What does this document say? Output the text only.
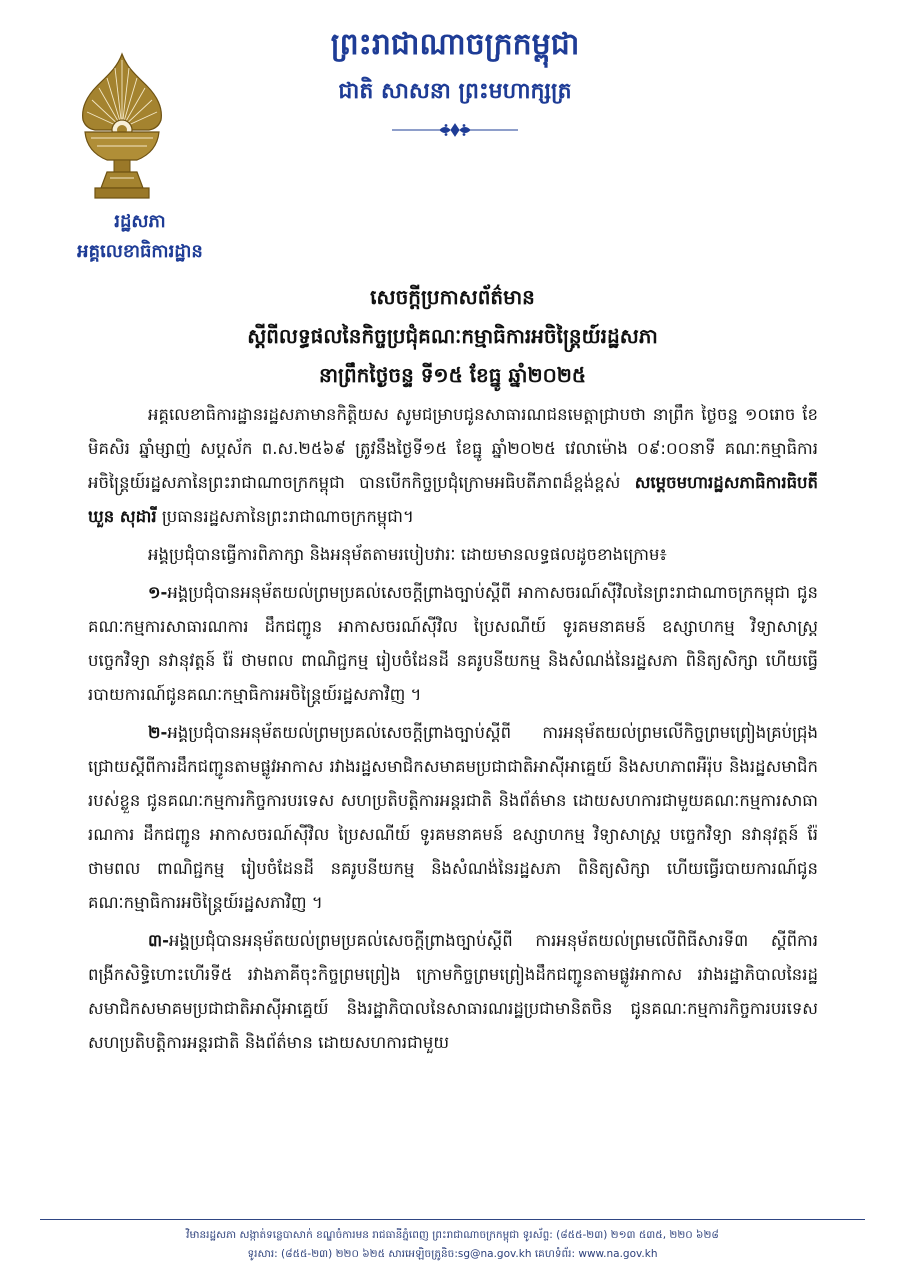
ព្រះរាជាណាចក្រកម្ពុជា
ជាតិ សាសនា ព្រះមហាក្សត្រ
រដ្ឋសភា
អគ្គលេខាធិការដ្ឋាន
សេចក្តីប្រកាសព័ត៌មាន
ស្តីពីលទ្ធផលនៃកិច្ចប្រជុំគណៈកម្មាធិការអចិន្ត្រៃយ៍រដ្ឋសភា
នាព្រឹកថ្ងៃចន្ទ ទី១៥ ខែធ្នូ ឆ្នាំ២០២៥

អគ្គលេខាធិការដ្ឋានរដ្ឋសភាមានកិត្តិយស សូមជម្រាបជូនសាធារណជនមេត្តាជ្រាបថា នាព្រឹក ថ្ងៃចន្ទ ១០រោច ខែមិគសិរ ឆ្នាំម្សាញ់ សប្តស័ក ព.ស.២៥៦៩ ត្រូវនឹងថ្ងៃទី១៥ ខែធ្នូ ឆ្នាំ២០២៥ វេលាម៉ោង ០៩:០០នាទី គណៈកម្មាធិការអចិន្ត្រៃយ៍រដ្ឋសភានៃព្រះរាជាណាចក្រកម្ពុជា បានបើកកិច្ចប្រជុំក្រោមអធិបតីភាពដ៏ខ្ពង់ខ្ពស់ សម្តេចមហារដ្ឋសភាធិការធិបតី ឃួន សុដារី ប្រធានរដ្ឋសភានៃព្រះរាជាណាចក្រកម្ពុជា។

អង្គប្រជុំបានធ្វើការពិភាក្សា និងអនុម័តតាមរបៀបវារៈ ដោយមានលទ្ធផលដូចខាងក្រោម៖

១-អង្គប្រជុំបានអនុម័តយល់ព្រមប្រគល់សេចក្តីព្រាងច្បាប់ស្តីពី អាកាសចរណ៍ស៊ីវិលនៃព្រះរាជាណាចក្រកម្ពុជា ជូនគណៈកម្មការសាធារណការ ដឹកជញ្ជូន អាកាសចរណ៍ស៊ីវិល ប្រៃសណីយ៍ ទូរគមនាគមន៍ ឧស្សាហកម្ម វិទ្យាសាស្ត្រ បច្ចេកវិទ្យា នវានុវត្តន៍ រ៉ែ ថាមពល ពាណិជ្ជកម្ម រៀបចំដែនដី នគរូបនីយកម្ម និងសំណង់នៃរដ្ឋសភា ពិនិត្យសិក្សា ហើយធ្វើរបាយការណ៍ជូនគណៈកម្មាធិការអចិន្ត្រៃយ៍រដ្ឋសភាវិញ ។

២-អង្គប្រជុំបានអនុម័តយល់ព្រមប្រគល់សេចក្តីព្រាងច្បាប់ស្តីពី ការអនុម័តយល់ព្រមលើកិច្ចព្រមព្រៀងគ្រប់ជ្រុងជ្រោយស្តីពីការដឹកជញ្ជូនតាមផ្លូវអាកាស រវាងរដ្ឋសមាជិកសមាគមប្រជាជាតិអាស៊ីអាគ្នេយ៍ និងសហភាពអឺរ៉ុប និងរដ្ឋសមាជិករបស់ខ្លួន ជូនគណៈកម្មការកិច្ចការបរទេស សហប្រតិបត្តិការអន្តរជាតិ និងព័ត៌មាន ដោយសហការជាមួយគណៈកម្មការសាធារណការ ដឹកជញ្ជូន អាកាសចរណ៍ស៊ីវិល ប្រៃសណីយ៍ ទូរគមនាគមន៍ ឧស្សាហកម្ម វិទ្យាសាស្ត្រ បច្ចេកវិទ្យា នវានុវត្តន៍ រ៉ែ ថាមពល ពាណិជ្ជកម្ម រៀបចំដែនដី នគរូបនីយកម្ម និងសំណង់នៃរដ្ឋសភា ពិនិត្យសិក្សា ហើយធ្វើរបាយការណ៍ជូនគណៈកម្មាធិការអចិន្ត្រៃយ៍រដ្ឋសភាវិញ ។

៣-អង្គប្រជុំបានអនុម័តយល់ព្រមប្រគល់សេចក្តីព្រាងច្បាប់ស្តីពី ការអនុម័តយល់ព្រមលើពិធីសារទី៣ ស្តីពីការពង្រីកសិទ្ធិហោះហើរទី៥ រវាងភាគីចុះកិច្ចព្រមព្រៀង ក្រោមកិច្ចព្រមព្រៀងដឹកជញ្ជូនតាមផ្លូវអាកាស រវាងរដ្ឋាភិបាលនៃរដ្ឋសមាជិកសមាគមប្រជាជាតិអាស៊ីអាគ្នេយ៍ និងរដ្ឋាភិបាលនៃសាធារណរដ្ឋប្រជាមានិតចិន ជូនគណៈកម្មការកិច្ចការបរទេស សហប្រតិបត្តិការអន្តរជាតិ និងព័ត៌មាន ដោយសហការជាមួយ

វិមានរដ្ឋសភា សង្កាត់ទន្លេបាសាក់ ខណ្ឌចំការមន រាជធានីភ្នំពេញ ព្រះរាជាណាចក្រកម្ពុជា ទូរស័ព្ទ: (៨៥៥-២៣) ២១៣ ៥៣៥, ២២០ ៦២៨
ទូរសារ: (៨៥៥-២៣) ២២០ ៦២៥ សារអេឡិចត្រូនិច:sg@na.gov.kh គេហទំព័រ: www.na.gov.kh
